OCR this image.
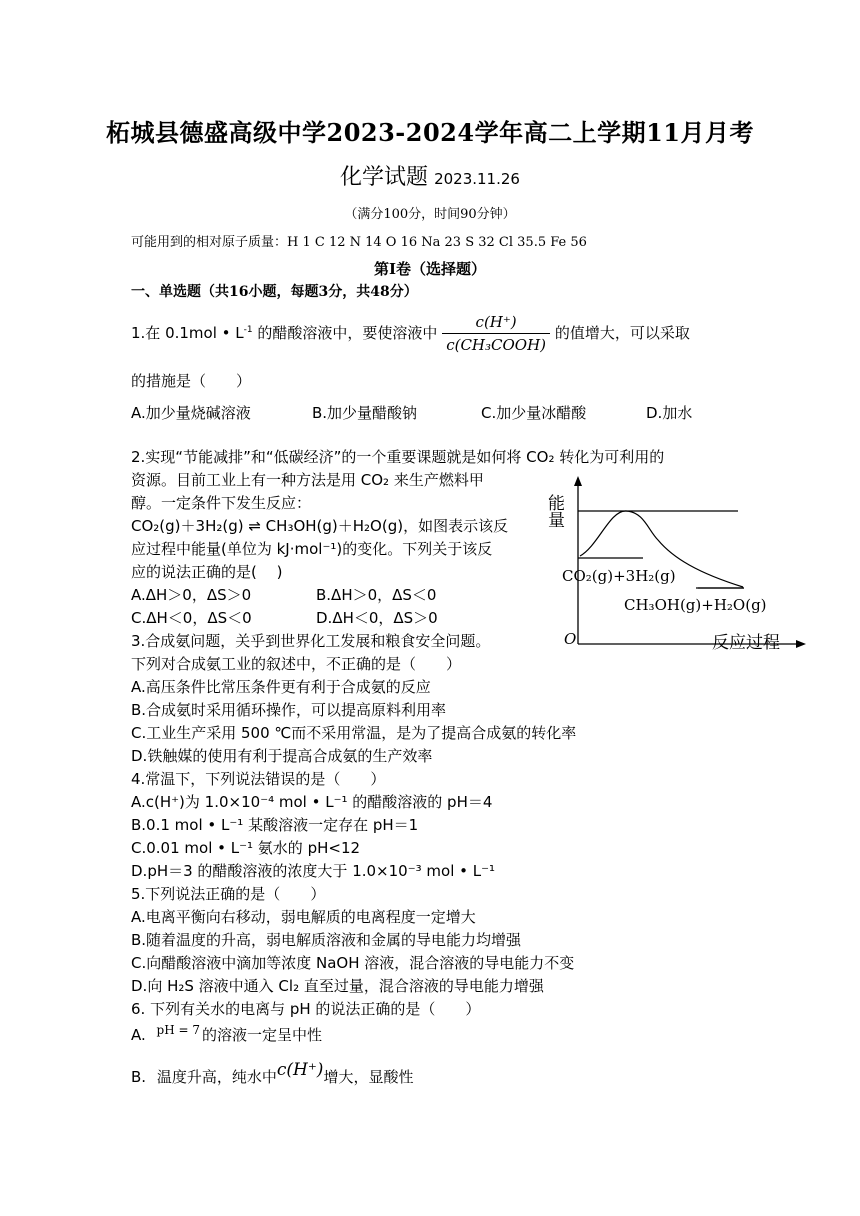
柘城县德盛高级中学2023-2024学年高二上学期11月月考
化学试题 2023.11.26
（满分100分，时间90分钟）
可能用到的相对原子质量：H 1 C 12 N 14 O 16 Na 23 S 32 Cl 35.5 Fe 56
第Ⅰ卷（选择题）
一、单选题（共16小题，每题3分，共48分）
1.在 0.1mol • $L^{-1}$ 的醋酸溶液中，要使溶液中 $\frac{c(H^+)}{\text{c(CH₃COOH)}}$ 的值增大，可以采取
的措施是（　　）
A.加少量烧碱溶液	B.加少量醋酸钠	C.加少量冰醋酸	D.加水
2.实现“节能减排”和“低碳经济”的一个重要课题就是如何将 CO₂ 转化为可利用的
资源。目前工业上有一种方法是用 CO₂ 来生产燃料甲
醇。一定条件下发生反应：
CO₂(g)＋3H₂(g) ⇌ CH₃OH(g)＋H₂O(g)，如图表示该反
应过程中能量(单位为 kJ·mol⁻¹)的变化。下列关于该反
应的说法正确的是(　 )
A.ΔH＞0，ΔS＞0	B.ΔH＞0，ΔS＜0
C.ΔH＜0，ΔS＜0	D.ΔH＜0，ΔS＞0
能量
O
CO₂(g)+3H₂(g)
CH₃OH(g)+H₂O(g)
反应过程
3.合成氨问题，关乎到世界化工发展和粮食安全问题。
下列对合成氨工业的叙述中，不正确的是（　　）
A.高压条件比常压条件更有利于合成氨的反应
B.合成氨时采用循环操作，可以提高原料利用率
C.工业生产采用 500 ℃而不采用常温，是为了提高合成氨的转化率
D.铁触媒的使用有利于提高合成氨的生产效率
4.常温下，下列说法错误的是（　　）
A.c(H⁺)为 1.0×10⁻⁴ mol • L⁻¹ 的醋酸溶液的 pH＝4
B.0.1 mol • L⁻¹ 某酸溶液一定存在 pH＝1
C.0.01 mol • L⁻¹ 氨水的 pH<12
D.pH＝3 的醋酸溶液的浓度大于 1.0×10⁻³ mol • L⁻¹
5.下列说法正确的是（　　）
A.电离平衡向右移动，弱电解质的电离程度一定增大
B.随着温度的升高，弱电解质溶液和金属的导电能力均增强
C.向醋酸溶液中滴加等浓度 NaOH 溶液，混合溶液的导电能力不变
D.向 H₂S 溶液中通入 Cl₂ 直至过量，混合溶液的导电能力增强
6. 下列有关水的电离与 pH 的说法正确的是（　　）
A. $^{pH = 7}$ 的溶液一定呈中性
B. 温度升高，纯水中c(H⁺)增大，显酸性
